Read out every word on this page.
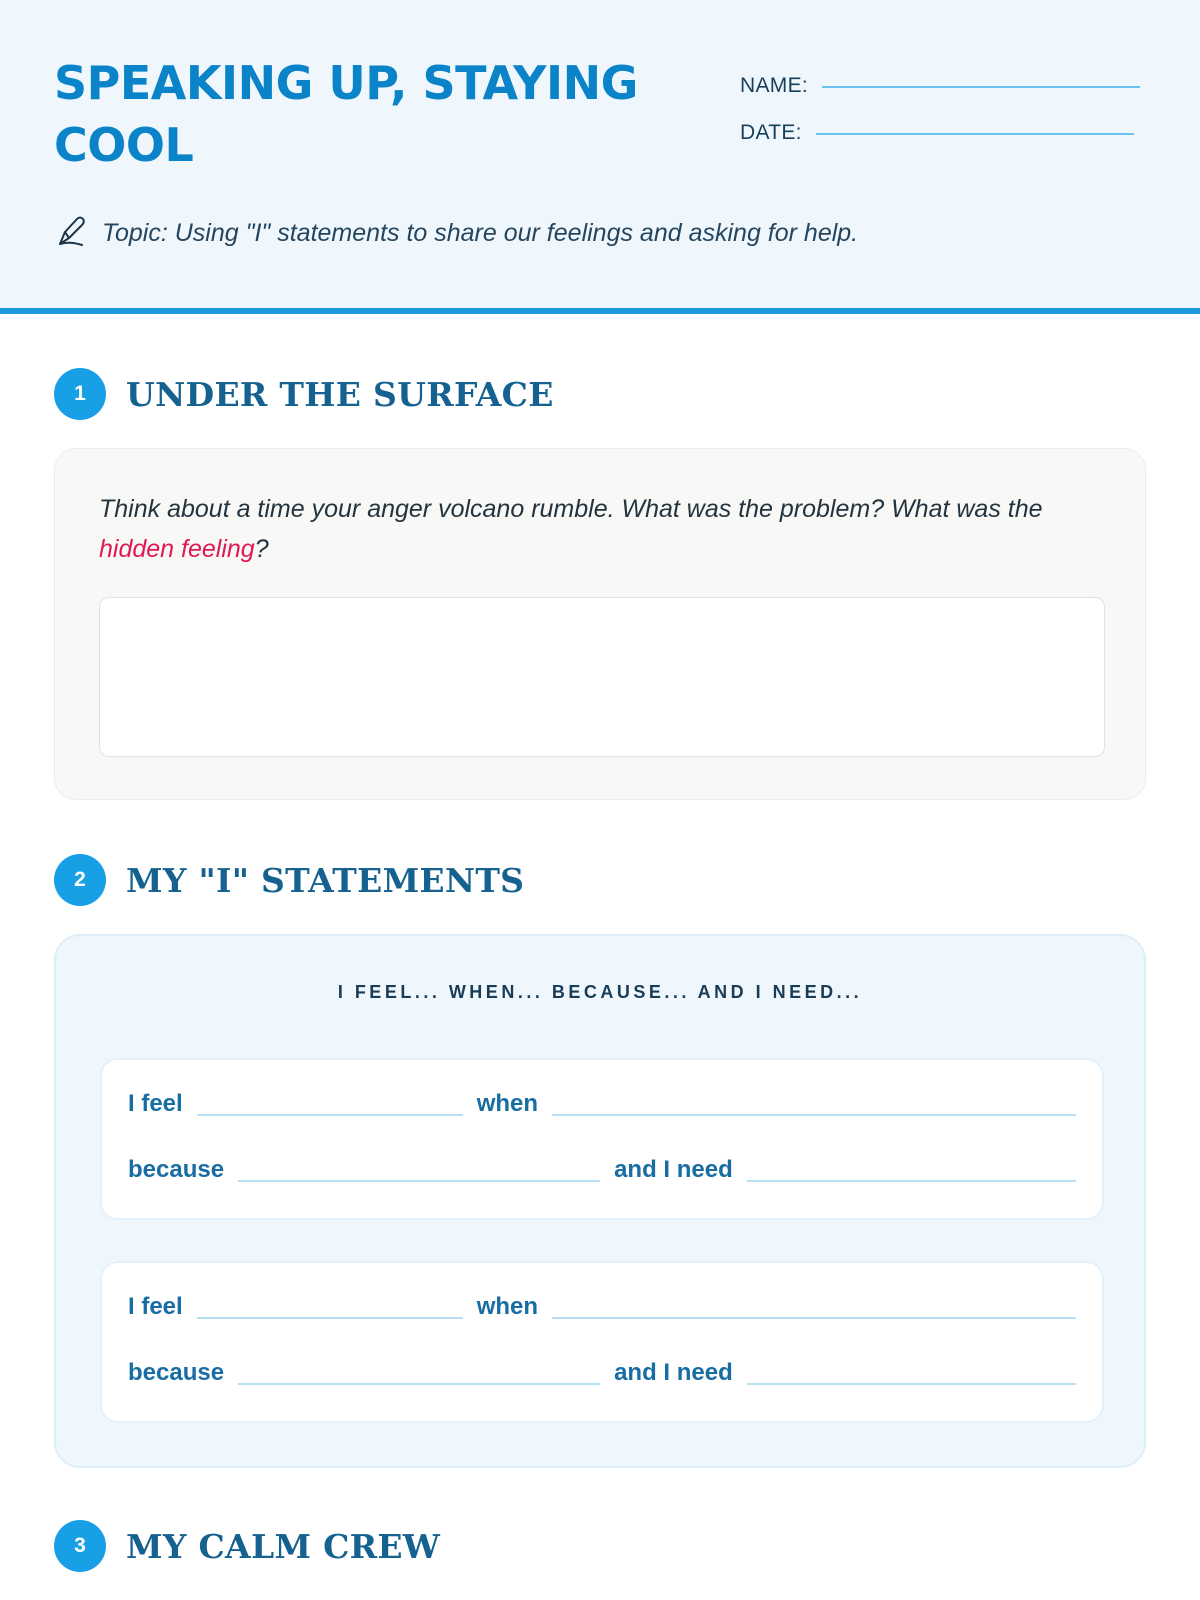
SPEAKING UP, STAYING COOL
NAME:
DATE:
Topic: Using "I" statements to share our feelings and asking for help.
1	UNDER THE SURFACE
Think about a time your anger volcano rumble. What was the problem? What was the hidden feeling?
2	MY "I" STATEMENTS
I FEEL... WHEN... BECAUSE... AND I NEED...
I feel	when
because	and I need
I feel	when
because	and I need
3	MY CALM CREW
